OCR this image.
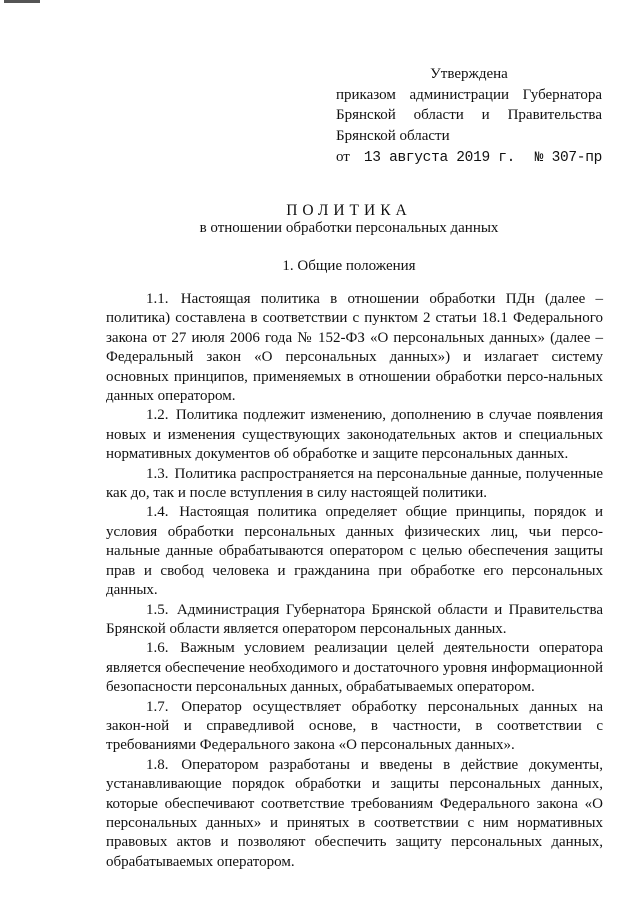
Утверждена
приказом администрации Губернатора
Брянской области и Правительства
Брянской области
от 13 августа 2019 г. № 307-пр
ПОЛИТИКА
в отношении обработки персональных данных
1. Общие положения

1.1. Настоящая политика в отношении обработки ПДн (далее – политика) составлена в соответствии с пунктом 2 статьи 18.1 Федерального закона от 27 июля 2006 года № 152-ФЗ «О персональных данных» (далее – Федеральный закон «О персональных данных») и излагает систему основных принципов, применяемых в отношении обработки персо-нальных данных оператором.

1.2. Политика подлежит изменению, дополнению в случае появления новых и изменения существующих законодательных актов и специальных нормативных документов об обработке и защите персональных данных.

1.3. Политика распространяется на персональные данные, полученные как до, так и после вступления в силу настоящей политики.

1.4. Настоящая политика определяет общие принципы, порядок и условия обработки персональных данных физических лиц, чьи персо-нальные данные обрабатываются оператором с целью обеспечения защиты прав и свобод человека и гражданина при обработке его персональных данных.

1.5. Администрация Губернатора Брянской области и Правительства Брянской области является оператором персональных данных.

1.6. Важным условием реализации целей деятельности оператора является обеспечение необходимого и достаточного уровня информационной безопасности персональных данных, обрабатываемых оператором.

1.7. Оператор осуществляет обработку персональных данных на закон-ной и справедливой основе, в частности, в соответствии с требованиями Федерального закона «О персональных данных».

1.8. Оператором разработаны и введены в действие документы, устанавливающие порядок обработки и защиты персональных данных, которые обеспечивают соответствие требованиям Федерального закона «О персональных данных» и принятых в соответствии с ним нормативных правовых актов и позволяют обеспечить защиту персональных данных, обрабатываемых оператором.
